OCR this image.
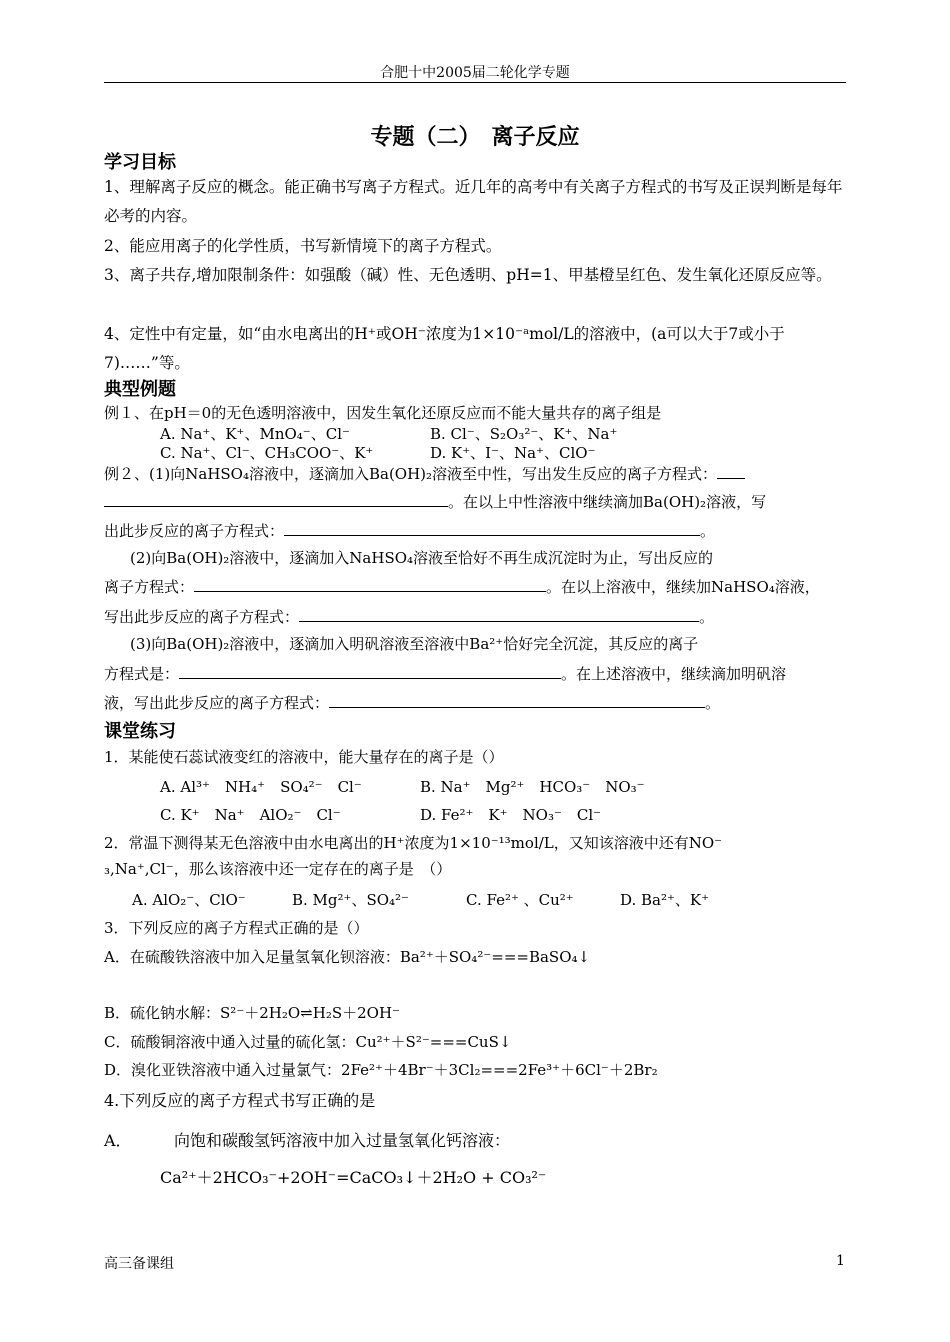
合肥十中2005届二轮化学专题
专题（二）　离子反应
学习目标
1、理解离子反应的概念。能正确书写离子方程式。近几年的高考中有关离子方程式的书写及正误判断是每年必考的内容。
2、能应用离子的化学性质，书写新情境下的离子方程式。
3、离子共存,增加限制条件：如强酸（碱）性、无色透明、pH=1、甲基橙呈红色、发生氧化还原反应等。
4、定性中有定量，如“由水电离出的H⁺或OH⁻浓度为1×10⁻ᵃmol/L的溶液中，(a可以大于7或小于7)……”等。
典型例题
例１、在pH＝0的无色透明溶液中，因发生氧化还原反应而不能大量共存的离子组是
A. Na⁺、K⁺、MnO₄⁻、Cl⁻	B. Cl⁻、S₂O₃²⁻、K⁺、Na⁺
C. Na⁺、Cl⁻、CH₃COO⁻、K⁺	D. K⁺、I⁻、Na⁺、ClO⁻
例２、(1)向NaHSO₄溶液中，逐滴加入Ba(OH)₂溶液至中性，写出发生反应的离子方程式：
。在以上中性溶液中继续滴加Ba(OH)₂溶液，写
出此步反应的离子方程式：	。
(2)向Ba(OH)₂溶液中，逐滴加入NaHSO₄溶液至恰好不再生成沉淀时为止，写出反应的
离子方程式：	。在以上溶液中，继续加NaHSO₄溶液，
写出此步反应的离子方程式：	。
(3)向Ba(OH)₂溶液中，逐滴加入明矾溶液至溶液中Ba²⁺恰好完全沉淀，其反应的离子
方程式是：	。在上述溶液中，继续滴加明矾溶
液，写出此步反应的离子方程式：	。
课堂练习
1．某能使石蕊试液变红的溶液中，能大量存在的离子是（）
A. Al³⁺　NH₄⁺　SO₄²⁻　Cl⁻	B. Na⁺　Mg²⁺　HCO₃⁻　NO₃⁻
C. K⁺　Na⁺　AlO₂⁻　Cl⁻	D. Fe²⁺　K⁺　NO₃⁻　Cl⁻
2．常温下测得某无色溶液中由水电离出的H⁺浓度为1×10⁻¹³mol/L，又知该溶液中还有NO⁻
₃,Na⁺,Cl⁻，那么该溶液中还一定存在的离子是　（）
A. AlO₂⁻、ClO⁻	B. Mg²⁺、SO₄²⁻	C. Fe²⁺ 、Cu²⁺	D. Ba²⁺、K⁺
3．下列反应的离子方程式正确的是（）
A．在硫酸铁溶液中加入足量氢氧化钡溶液：Ba²⁺＋SO₄²⁻===BaSO₄↓
B．硫化钠水解：S²⁻＋2H₂O⇌H₂S＋2OH⁻
C．硫酸铜溶液中通入过量的硫化氢：Cu²⁺＋S²⁻===CuS↓
D．溴化亚铁溶液中通入过量氯气：2Fe²⁺＋4Br⁻＋3Cl₂===2Fe³⁺＋6Cl⁻＋2Br₂
4.下列反应的离子方程式书写正确的是
A．	向饱和碳酸氢钙溶液中加入过量氢氧化钙溶液：
Ca²⁺＋2HCO₃⁻+2OH⁻=CaCO₃↓＋2H₂O + CO₃²⁻
高三备课组	1
